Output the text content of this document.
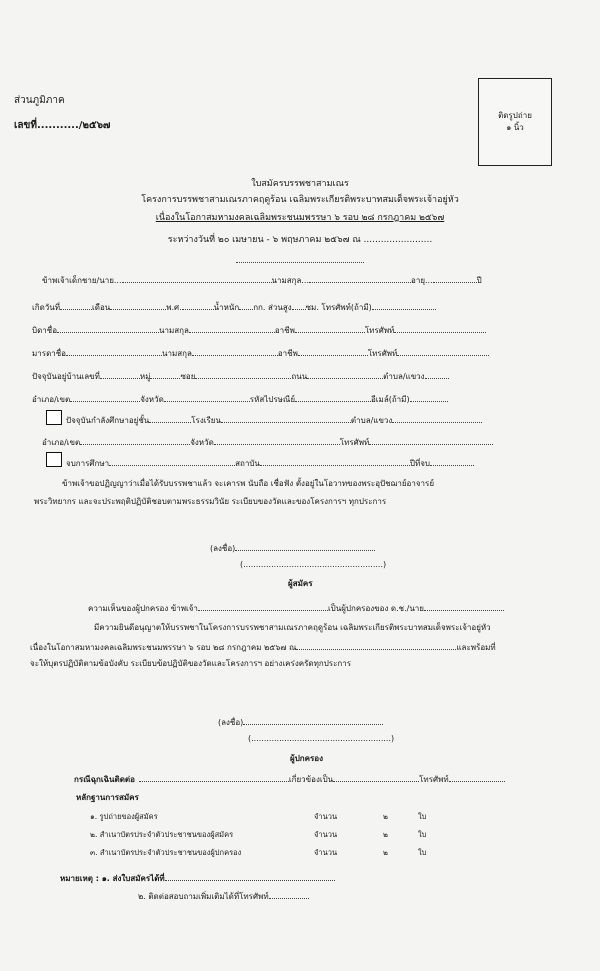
ส่วนภูมิภาค
เลขที่.........../๒๕๖๗
ติดรูปถ่าย
๑ นิ้ว
ใบสมัครบรรพชาสามเณร
โครงการบรรพชาสามเณรภาคฤดูร้อน เฉลิมพระเกียรติพระบาทสมเด็จพระเจ้าอยู่หัว
เนื่องในโอกาสมหามงคลเฉลิมพระชนมพรรษา ๖ รอบ ๒๘ กรกฎาคม ๒๕๖๗
ระหว่างวันที่ ๒๐ เมษายน - ๖ พฤษภาคม ๒๕๖๗ ณ ........................
ข้าพเจ้าเด็กชาย/นาย...	นามสกุล...	อายุ...	ปี
เกิดวันที่	เดือน	พ.ศ.	น้ำหนัก กก. ส่วนสูง ซม. โทรศัพท์(ถ้ามี)
บิดาชื่อ	นามสกุล	อาชีพ	โทรศัพท์
มารดาชื่อ	นามสกุล	อาชีพ	โทรศัพท์
ปัจจุบันอยู่บ้านเลขที่	หมู่	ซอย	ถนน	ตำบล/แขวง
อำเภอ/เขต	จังหวัด	รหัสไปรษณีย์	อีเมล์(ถ้ามี)
ปัจจุบันกำลังศึกษาอยู่ชั้น	โรงเรียน	ตำบล/แขวง
อำเภอ/เขต	จังหวัด	โทรศัพท์
จบการศึกษา	สถาบัน	ปีที่จบ
ข้าพเจ้าขอปฏิญญาว่าเมื่อได้รับบรรพชาแล้ว จะเคารพ นับถือ เชื่อฟัง ตั้งอยู่ในโอวาทของพระอุปัชฌาย์อาจารย์
พระวิทยากร และจะประพฤติปฏิบัติชอบตามพระธรรมวินัย ระเบียบของวัดและของโครงการฯ ทุกประการ
(ลงชื่อ)
(.......................................................)
ผู้สมัคร
ความเห็นของผู้ปกครอง ข้าพเจ้า	เป็นผู้ปกครองของ ด.ช./นาย
มีความยินดีอนุญาตให้บรรพชาในโครงการบรรพชาสามเณรภาคฤดูร้อน เฉลิมพระเกียรติพระบาทสมเด็จพระเจ้าอยู่หัว
เนื่องในโอกาสมหามงคลเฉลิมพระชนมพรรษา ๖ รอบ ๒๘ กรกฎาคม ๒๕๖๗ ณ	และพร้อมที่
จะให้บุตรปฏิบัติตามข้อบังคับ ระเบียบข้อปฏิบัติของวัดและโครงการฯ อย่างเคร่งครัดทุกประการ
(ลงชื่อ)
(.......................................................)
ผู้ปกครอง
กรณีฉุกเฉินติดต่อ	เกี่ยวข้องเป็น	โทรศัพท์
หลักฐานการสมัคร
๑. รูปถ่ายของผู้สมัคร	จำนวน	๒	ใบ
๒. สำเนาบัตรประจำตัวประชาชนของผู้สมัคร	จำนวน	๒	ใบ
๓. สำเนาบัตรประจำตัวประชาชนของผู้ปกครอง	จำนวน	๒	ใบ
หมายเหตุ : ๑. ส่งใบสมัครได้ที่
๒. ติดต่อสอบถามเพิ่มเติมได้ที่โทรศัพท์
